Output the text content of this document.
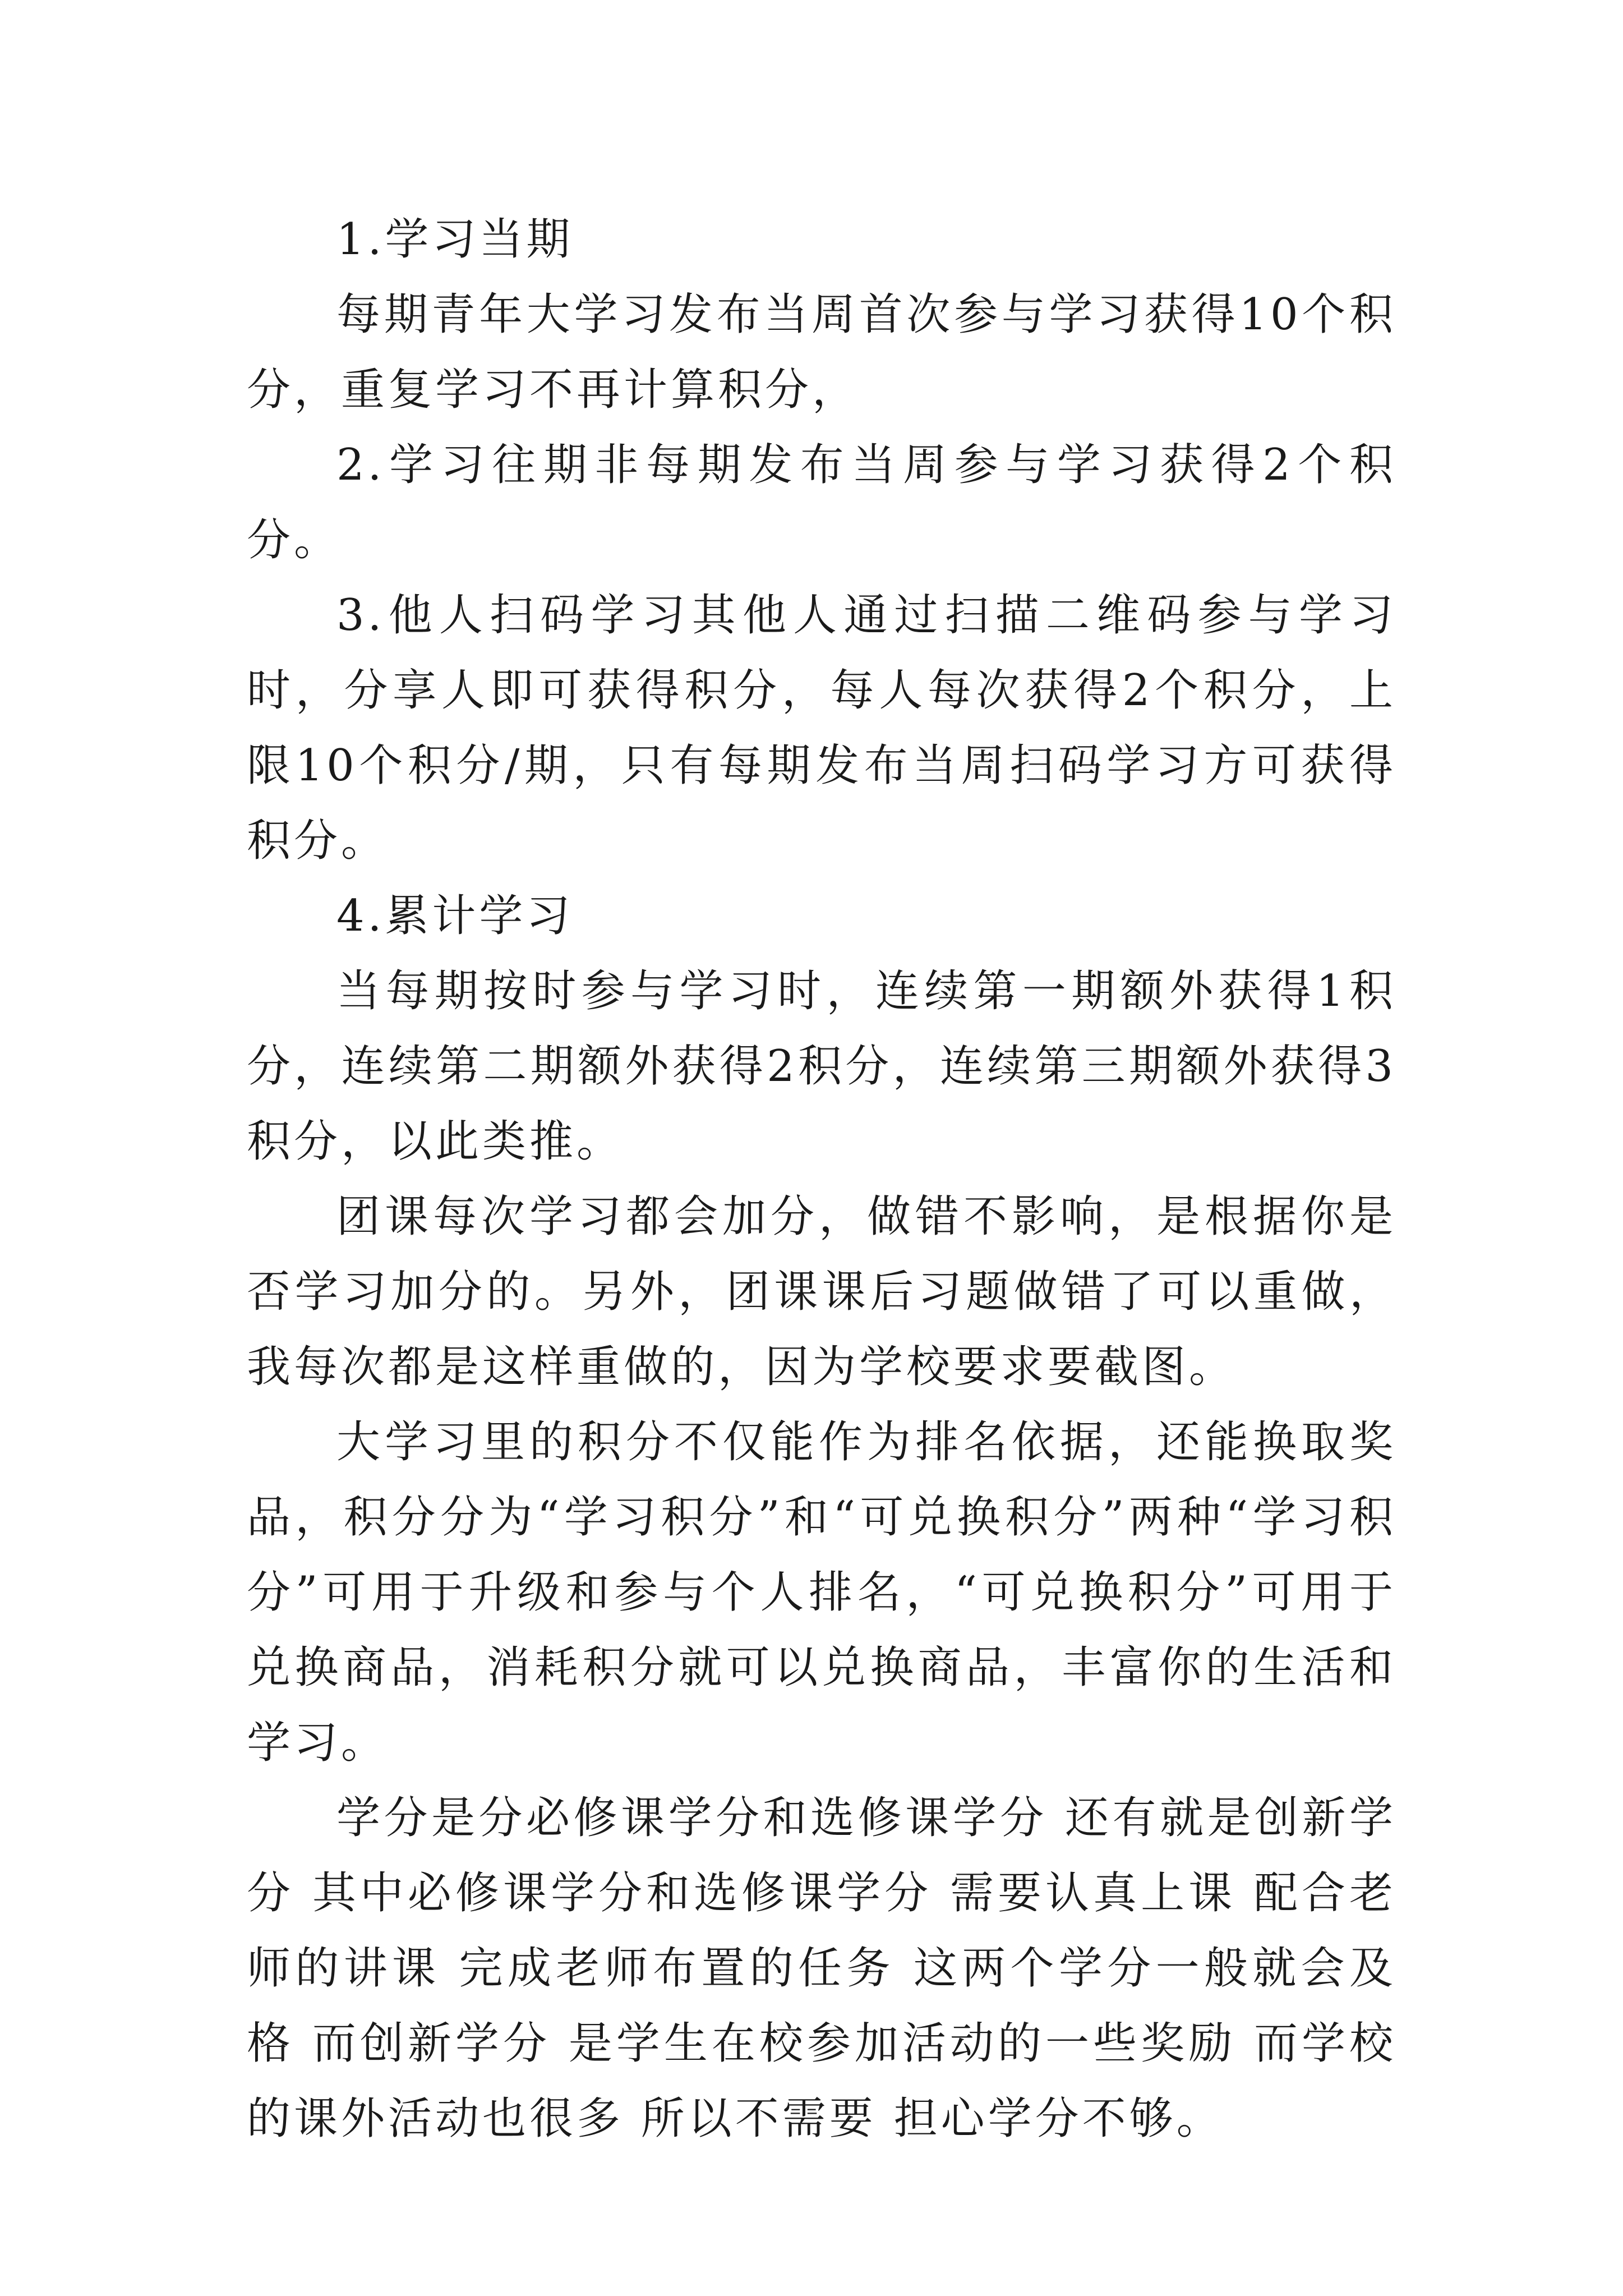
1.学习当期

每期青年大学习发布当周首次参与学习获得10个积分，重复学习不再计算积分，

2.学习往期非每期发布当周参与学习获得2个积分。

3.他人扫码学习其他人通过扫描二维码参与学习时，分享人即可获得积分，每人每次获得2个积分，上限10个积分/期，只有每期发布当周扫码学习方可获得积分。

4.累计学习

当每期按时参与学习时，连续第一期额外获得1积分，连续第二期额外获得2积分，连续第三期额外获得3积分，以此类推。

团课每次学习都会加分，做错不影响，是根据你是否学习加分的。另外，团课课后习题做错了可以重做，我每次都是这样重做的，因为学校要求要截图。

大学习里的积分不仅能作为排名依据，还能换取奖品，积分分为“学习积分”和“可兑换积分”两种“学习积分”可用于升级和参与个人排名，“可兑换积分”可用于兑换商品，消耗积分就可以兑换商品，丰富你的生活和学习。

学分是分必修课学分和选修课学分 还有就是创新学分 其中必修课学分和选修课学分 需要认真上课 配合老师的讲课 完成老师布置的任务 这两个学分一般就会及格 而创新学分 是学生在校参加活动的一些奖励 而学校的课外活动也很多 所以不需要 担心学分不够。
